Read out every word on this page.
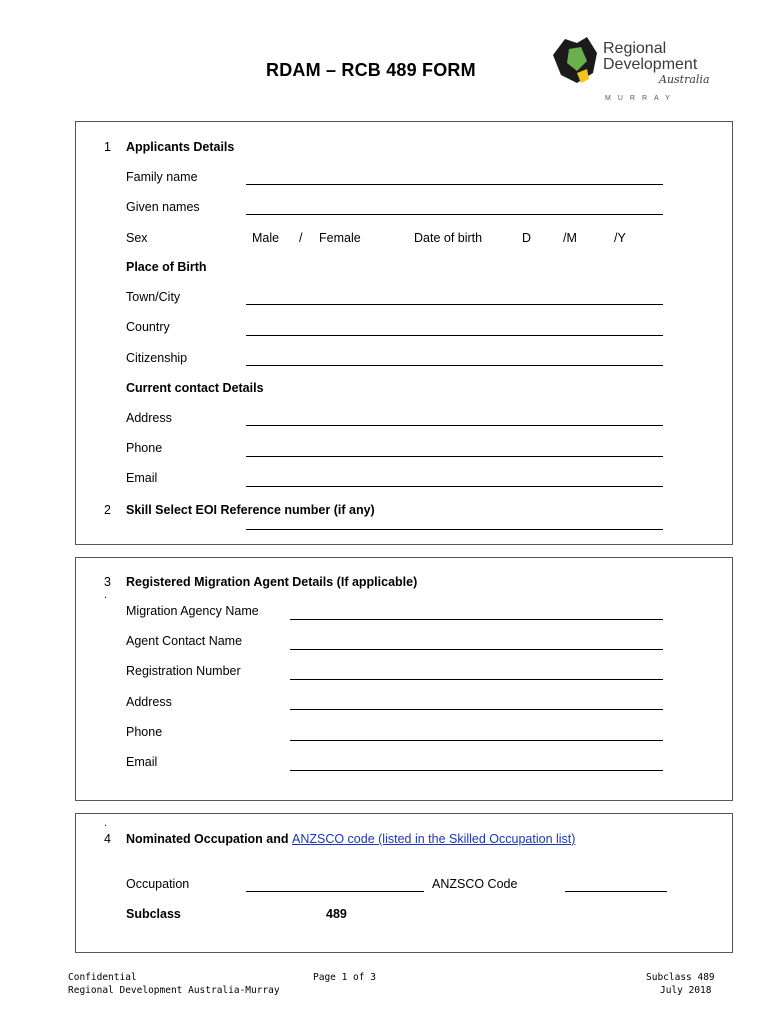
RDAM – RCB 489 FORM
Regional
Development
Australia
MURRAY
1 Applicants Details
Family name
Given names
Sex	Male / Female	Date of birth	D	/M	/Y
Place of Birth
Town/City
Country
Citizenship
Current contact Details
Address
Phone
Email
2 Skill Select EOI Reference number (if any)
3
.
Registered Migration Agent Details (If applicable)
Migration Agency Name
Agent Contact Name
Registration Number
Address
Phone
Email
.
4 Nominated Occupation and ANZSCO code (listed in the Skilled Occupation list)
Occupation	ANZSCO Code
Subclass	489
Confidential
Regional Development Australia-Murray
Page 1 of 3	Subclass 489
July 2018
